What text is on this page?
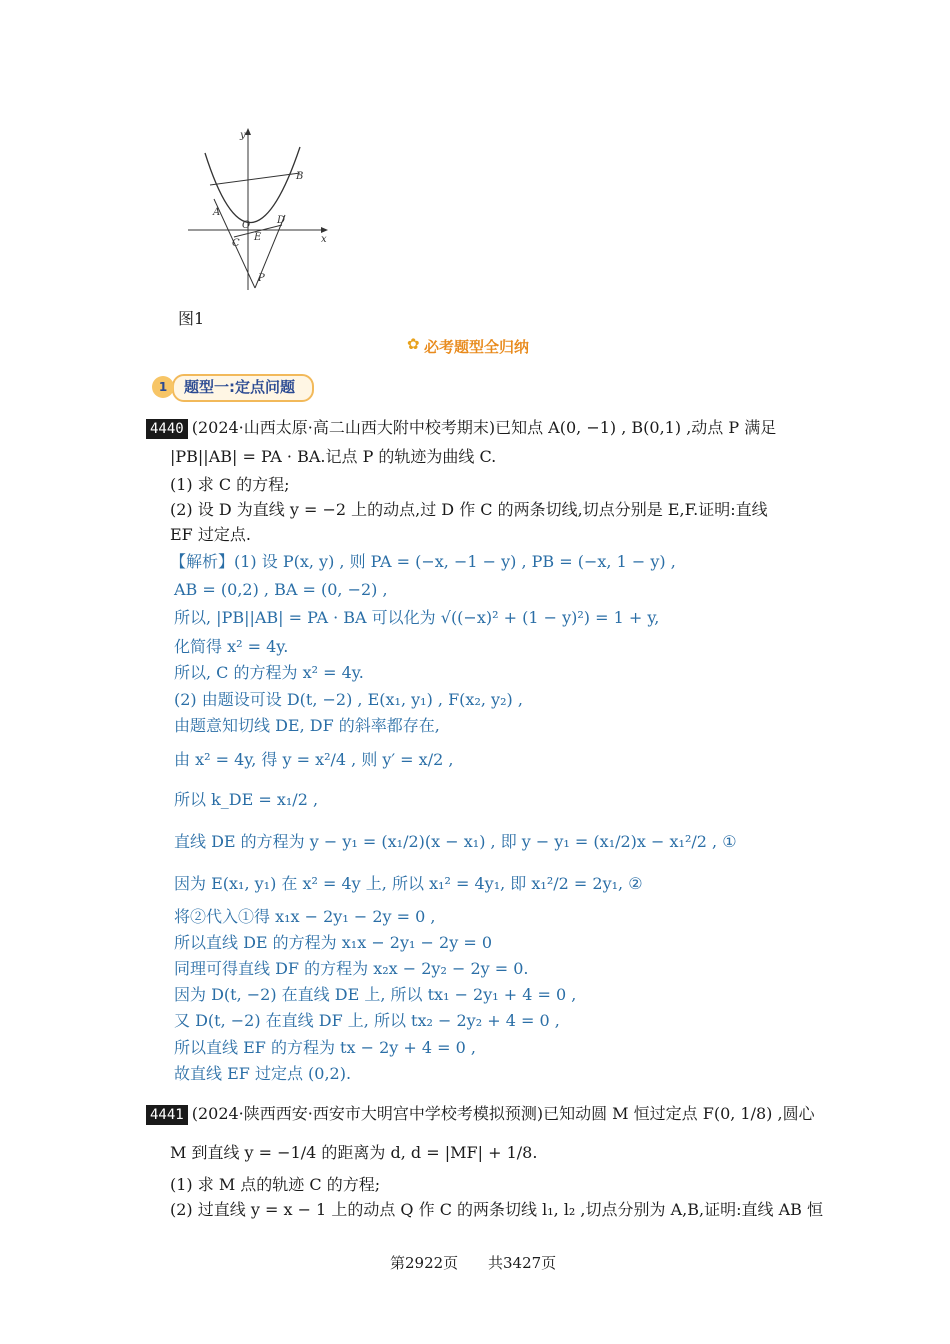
y
x
B
A
O	D
C
E
P
图1
✿ 必考题型全归纳
1	题型一:定点问题
4440 (2024·山西太原·高二山西大附中校考期末)已知点 A(0, −1) , B(0,1) ,动点 P 满足
|PB||AB| = PA · BA.记点 P 的轨迹为曲线 C.
(1) 求 C 的方程;
(2) 设 D 为直线 y = −2 上的动点,过 D 作 C 的两条切线,切点分别是 E,F.证明:直线
EF 过定点.
【解析】(1) 设 P(x, y) , 则 PA = (−x, −1 − y) , PB = (−x, 1 − y) ,
AB = (0,2) , BA = (0, −2) ,
所以, |PB||AB| = PA · BA 可以化为 √((−x)² + (1 − y)²) = 1 + y,
化简得 x² = 4y.
所以, C 的方程为 x² = 4y.
(2) 由题设可设 D(t, −2) , E(x₁, y₁) , F(x₂, y₂) ,
由题意知切线 DE, DF 的斜率都存在,
由 x² = 4y, 得 y = x²/4 , 则 y′ = x/2 ,
所以 k_DE = x₁/2 ,
直线 DE 的方程为 y − y₁ = (x₁/2)(x − x₁) , 即 y − y₁ = (x₁/2)x − x₁²/2 , ①
因为 E(x₁, y₁) 在 x² = 4y 上, 所以 x₁² = 4y₁, 即 x₁²/2 = 2y₁, ②
将②代入①得 x₁x − 2y₁ − 2y = 0 ,
所以直线 DE 的方程为 x₁x − 2y₁ − 2y = 0
同理可得直线 DF 的方程为 x₂x − 2y₂ − 2y = 0.
因为 D(t, −2) 在直线 DE 上, 所以 tx₁ − 2y₁ + 4 = 0 ,
又 D(t, −2) 在直线 DF 上, 所以 tx₂ − 2y₂ + 4 = 0 ,
所以直线 EF 的方程为 tx − 2y + 4 = 0 ,
故直线 EF 过定点 (0,2).
4441 (2024·陕西西安·西安市大明宫中学校考模拟预测)已知动圆 M 恒过定点 F(0, 1/8) ,圆心
M 到直线 y = −1/4 的距离为 d, d = |MF| + 1/8.
(1) 求 M 点的轨迹 C 的方程;
(2) 过直线 y = x − 1 上的动点 Q 作 C 的两条切线 l₁, l₂ ,切点分别为 A,B,证明:直线 AB 恒
第2922页 共3427页
